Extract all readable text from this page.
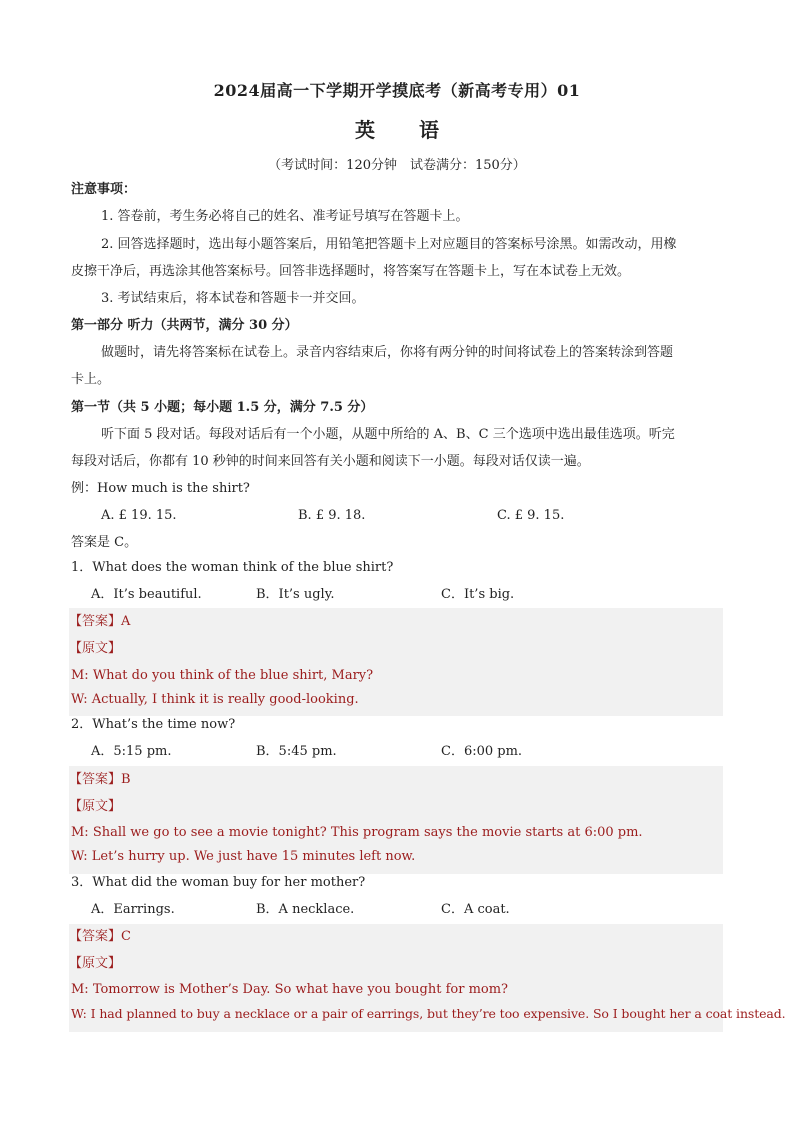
2024届高一下学期开学摸底考（新高考专用）01
英语
（考试时间：120分钟　试卷满分：150分）
注意事项：
1. 答卷前，考生务必将自己的姓名、准考证号填写在答题卡上。
2. 回答选择题时，选出每小题答案后，用铅笔把答题卡上对应题目的答案标号涂黑。如需改动，用橡
皮擦干净后，再选涂其他答案标号。回答非选择题时，将答案写在答题卡上，写在本试卷上无效。
3. 考试结束后，将本试卷和答题卡一并交回。
第一部分 听力（共两节，满分 30 分）
做题时，请先将答案标在试卷上。录音内容结束后，你将有两分钟的时间将试卷上的答案转涂到答题
卡上。
第一节（共 5 小题；每小题 1.5 分，满分 7.5 分）
听下面 5 段对话。每段对话后有一个小题，从题中所给的 A、B、C 三个选项中选出最佳选项。听完
每段对话后，你都有 10 秒钟的时间来回答有关小题和阅读下一小题。每段对话仅读一遍。
例：How much is the shirt?
A. £ 19. 15.	B. £ 9. 18.	C. £ 9. 15.
答案是 C。
1．What does the woman think of the blue shirt?
A．It’s beautiful.	B．It’s ugly.	C．It’s big.
【答案】A
【原文】
M: What do you think of the blue shirt, Mary?
W: Actually, I think it is really good-looking.
2．What’s the time now?
A．5:15 pm.	B．5:45 pm.	C．6:00 pm.
【答案】B
【原文】
M: Shall we go to see a movie tonight? This program says the movie starts at 6:00 pm.
W: Let’s hurry up. We just have 15 minutes left now.
3．What did the woman buy for her mother?
A．Earrings.	B．A necklace.	C．A coat.
【答案】C
【原文】
M: Tomorrow is Mother’s Day. So what have you bought for mom?
W: I had planned to buy a necklace or a pair of earrings, but they’re too expensive. So I bought her a coat instead.
